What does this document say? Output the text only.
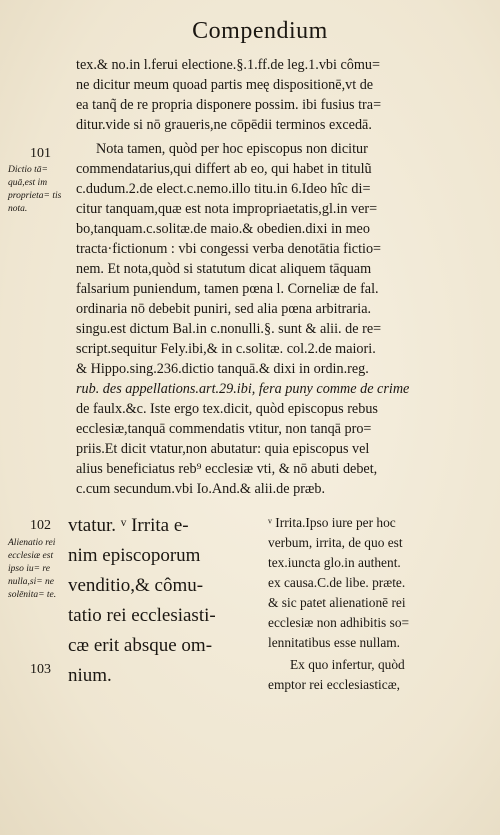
Compendium
tex.& no.in l.ferui electione.§.1.ff.de leg.1.vbi cômu=
ne dicitur meum quoad partis meę dispositionē,vt de
ea tanq̃ de re propria disponere possim. ibi fusius tra=
ditur.vide si nō graueris,ne cōpēdii terminos excedā.
Nota tamen, quòd per hoc episcopus non dicitur
commendatarius,qui differt ab eo, qui habet in titulũ
c.dudum.2.de elect.c.nemo.illo titu.in 6.Ideo hîc di=
citur tanquam,quæ est nota impropriaetatis,gl.in ver=
bo,tanquam.c.solitæ.de maio.& obedien.dixi in meo
tracta·fictionum : vbi congessi verba denotātia fictio=
nem. Et nota,quòd si statutum dicat aliquem tāquam
falsarium puniendum, tamen pœna l. Corneliæ de fal.
ordinaria nō debebit puniri, sed alia pœna arbitraria.
singu.est dictum Bal.in c.nonulli.§. sunt & alii. de re=
script.sequitur Fely.ibi,& in c.solitæ. col.2.de maiori.
& Hippo.sing.236.dictio tanquā.& dixi in ordin.reg.
rub. des appellations.art.29.ibi, fera puny comme de crime
de faulx.&c. Iste ergo tex.dicit, quòd episcopus rebus
ecclesiæ,tanquā commendatis vtitur, non tanqā pro=
priis.Et dicit vtatur,non abutatur: quia episcopus vel
alius beneficiatus reb⁹ ecclesiæ vti, & nō abuti debet,
c.cum secundum.vbi Io.And.& alii.de præb.
101
Dictio tā= quā,est im proprieta= tis nota.
102
Alienatio rei ecclesiæ est ipso iu= re nulla,si= ne solēnita= te.
103
vtatur. ᵛ Irrita e-
nim episcoporum
venditio,& cômu-
tatio rei ecclesiasti-
cæ erit absque om-
nium.
ᵛ Irrita.Ipso iure per hoc
verbum, irrita, de quo est
tex.iuncta glo.in authent.
ex causa.C.de libe. præte.
& sic patet alienationē rei
ecclesiæ non adhibitis so=
lennitatibus esse nullam.
Ex quo infertur, quòd
emptor rei ecclesiasticæ,
